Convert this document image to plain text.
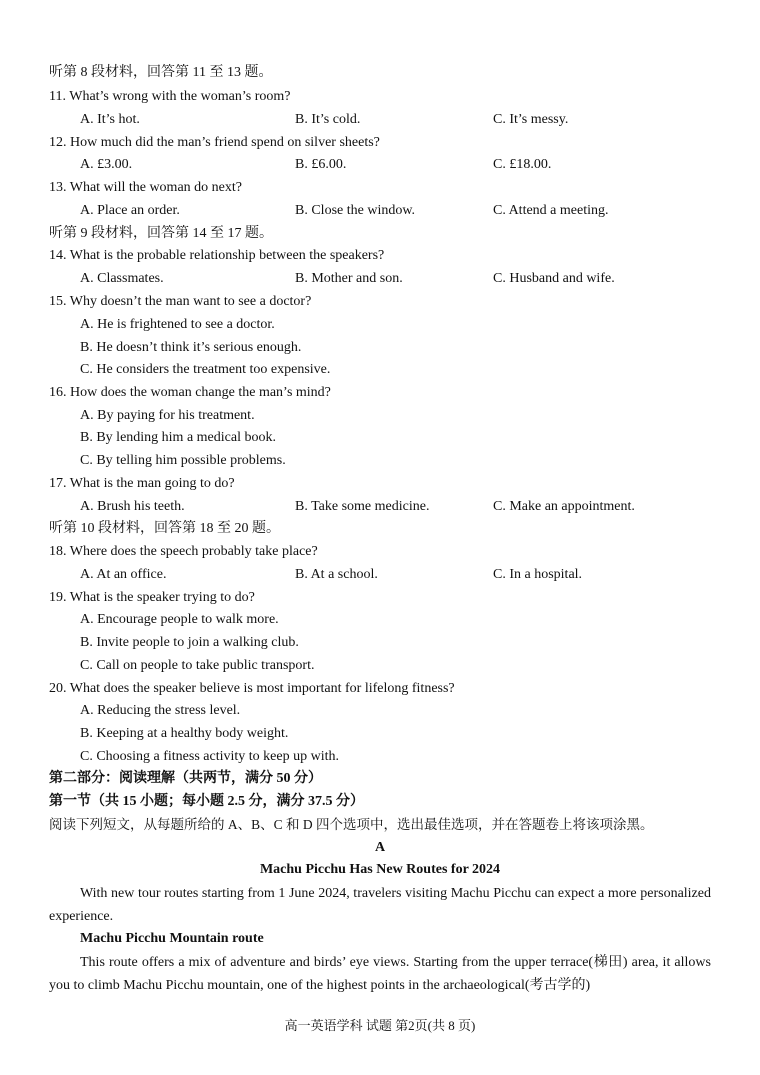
听第 8 段材料，回答第 11 至 13 题。
11. What’s wrong with the woman’s room?
A. It’s hot.	B. It’s cold.	C. It’s messy.
12. How much did the man’s friend spend on silver sheets?
A. £3.00.	B. £6.00.	C. £18.00.
13. What will the woman do next?
A. Place an order.	B. Close the window.	C. Attend a meeting.
听第 9 段材料，回答第 14 至 17 题。
14. What is the probable relationship between the speakers?
A. Classmates.	B. Mother and son.	C. Husband and wife.
15. Why doesn’t the man want to see a doctor?
A. He is frightened to see a doctor.
B. He doesn’t think it’s serious enough.
C. He considers the treatment too expensive.
16. How does the woman change the man’s mind?
A. By paying for his treatment.
B. By lending him a medical book.
C. By telling him possible problems.
17. What is the man going to do?
A. Brush his teeth.	B. Take some medicine.	C. Make an appointment.
听第 10 段材料，回答第 18 至 20 题。
18. Where does the speech probably take place?
A. At an office.	B. At a school.	C. In a hospital.
19. What is the speaker trying to do?
A. Encourage people to walk more.
B. Invite people to join a walking club.
C. Call on people to take public transport.
20. What does the speaker believe is most important for lifelong fitness?
A. Reducing the stress level.
B. Keeping at a healthy body weight.
C. Choosing a fitness activity to keep up with.
第二部分：阅读理解（共两节，满分 50 分）
第一节（共 15 小题；每小题 2.5 分，满分 37.5 分）
阅读下列短文，从每题所给的 A、B、C 和 D 四个选项中，选出最佳选项，并在答题卷上将该项涂黑。
A
Machu Picchu Has New Routes for 2024
With new tour routes starting from 1 June 2024, travelers visiting Machu Picchu can expect a more personalized experience.
Machu Picchu Mountain route
This route offers a mix of adventure and birds’ eye views. Starting from the upper terrace(梯田) area, it allows you to climb Machu Picchu mountain, one of the highest points in the archaeological(考古学的)
高一英语学科 试题 第2页(共 8 页)
